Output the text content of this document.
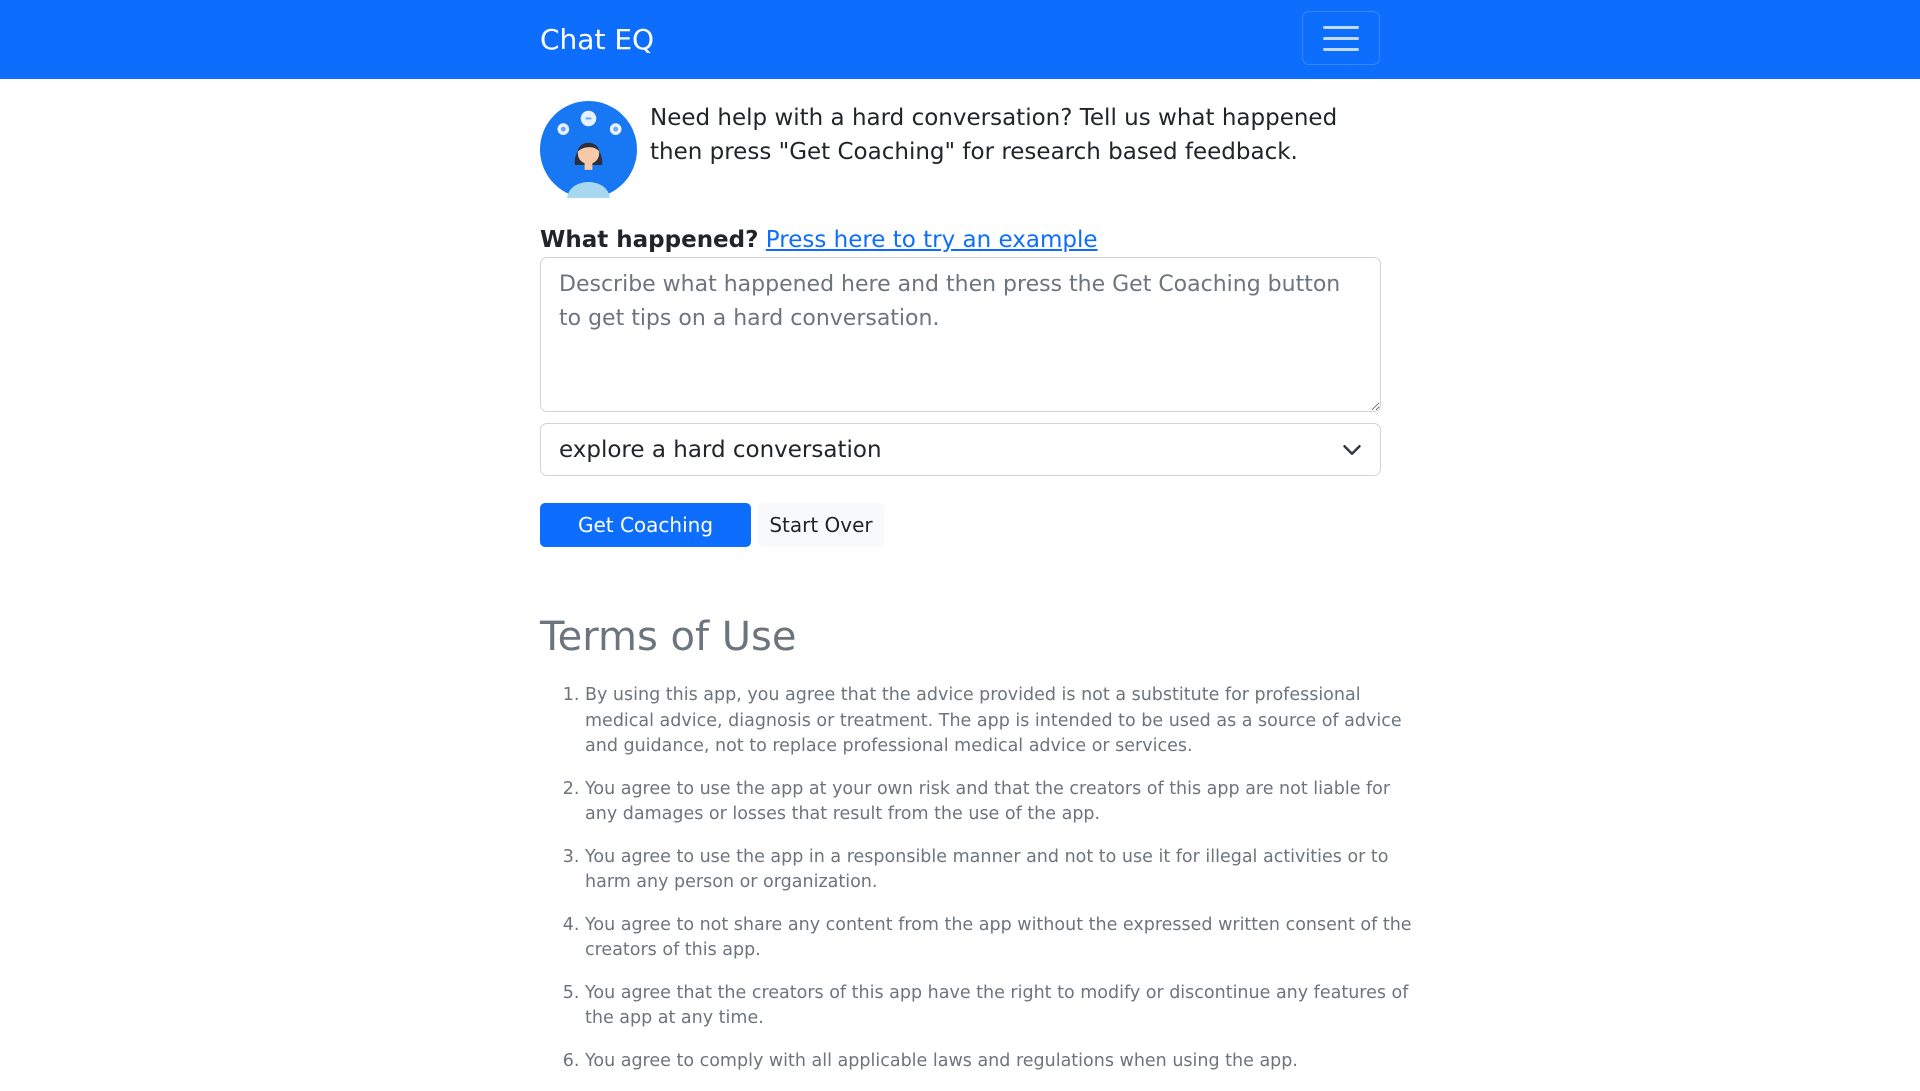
Chat EQ
Need help with a hard conversation? Tell us what happened then press "Get Coaching" for research based feedback.
What happened? Press here to try an example
Describe what happened here and then press the Get Coaching button to get tips on a hard conversation.
explore a hard conversation
Get Coaching	Start Over
Terms of Use
1. By using this app, you agree that the advice provided is not a substitute for professional medical advice, diagnosis or treatment. The app is intended to be used as a source of advice and guidance, not to replace professional medical advice or services.
2. You agree to use the app at your own risk and that the creators of this app are not liable for any damages or losses that result from the use of the app.
3. You agree to use the app in a responsible manner and not to use it for illegal activities or to harm any person or organization.
4. You agree to not share any content from the app without the expressed written consent of the creators of this app.
5. You agree that the creators of this app have the right to modify or discontinue any features of the app at any time.
6. You agree to comply with all applicable laws and regulations when using the app.
